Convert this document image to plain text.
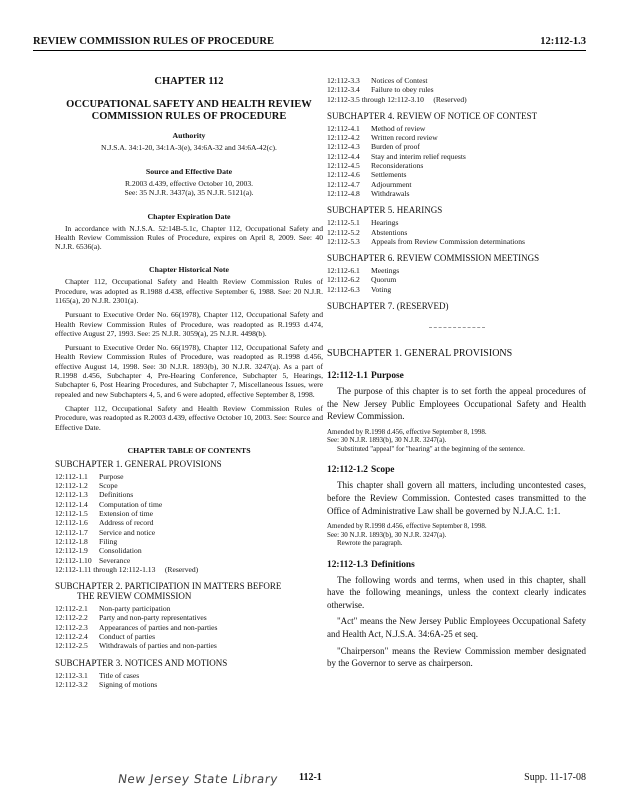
REVIEW COMMISSION RULES OF PROCEDURE	12:112-1.3
CHAPTER 112
OCCUPATIONAL SAFETY AND HEALTH REVIEW COMMISSION RULES OF PROCEDURE
Authority
N.J.S.A. 34:1-20, 34:1A-3(e), 34:6A-32 and 34:6A-42(c).
Source and Effective Date
R.2003 d.439, effective October 10, 2003.
See: 35 N.J.R. 3437(a), 35 N.J.R. 5121(a).
Chapter Expiration Date
In accordance with N.J.S.A. 52:14B-5.1c, Chapter 112, Occupational Safety and Health Review Commission Rules of Procedure, expires on April 8, 2009. See: 40 N.J.R. 6536(a).
Chapter Historical Note
Chapter 112, Occupational Safety and Health Review Commission Rules of Procedure, was adopted as R.1988 d.438, effective September 6, 1988. See: 20 N.J.R. 1165(a), 20 N.J.R. 2301(a).
Pursuant to Executive Order No. 66(1978), Chapter 112, Occupational Safety and Health Review Commission Rules of Procedure, was readopted as R.1993 d.474, effective August 27, 1993. See: 25 N.J.R. 3059(a), 25 N.J.R. 4498(b).
Pursuant to Executive Order No. 66(1978), Chapter 112, Occupational Safety and Health Review Commission Rules of Procedure, was readopted as R.1998 d.456, effective August 14, 1998. See: 30 N.J.R. 1893(b), 30 N.J.R. 3247(a). As a part of R.1998 d.456, Subchapter 4, Pre-Hearing Conference, Subchapter 5, Hearings, Subchapter 6, Post Hearing Procedures, and Subchapter 7, Miscellaneous Issues, were repealed and new Subchapters 4, 5, and 6 were adopted, effective September 8, 1998.
Chapter 112, Occupational Safety and Health Review Commission Rules of Procedure, was readopted as R.2003 d.439, effective October 10, 2003. See: Source and Effective Date.
CHAPTER TABLE OF CONTENTS
SUBCHAPTER 1. GENERAL PROVISIONS
12:112-1.1	Purpose
12:112-1.2	Scope
12:112-1.3	Definitions
12:112-1.4	Computation of time
12:112-1.5	Extension of time
12:112-1.6	Address of record
12:112-1.7	Service and notice
12:112-1.8	Filing
12:112-1.9	Consolidation
12:112-1.10 Severance
12:112-1.11 through 12:112-1.13     (Reserved)
SUBCHAPTER 2. PARTICIPATION IN MATTERS BEFORE
THE REVIEW COMMISSION
12:112-2.1	Non-party participation
12:112-2.2	Party and non-party representatives
12:112-2.3	Appearances of parties and non-parties
12:112-2.4	Conduct of parties
12:112-2.5	Withdrawals of parties and non-parties
SUBCHAPTER 3. NOTICES AND MOTIONS
12:112-3.1	Title of cases
12:112-3.2	Signing of motions
12:112-3.3	Notices of Contest
12:112-3.4	Failure to obey rules
12:112-3.5 through 12:112-3.10     (Reserved)
SUBCHAPTER 4. REVIEW OF NOTICE OF CONTEST
12:112-4.1	Method of review
12:112-4.2	Written record review
12:112-4.3	Burden of proof
12:112-4.4	Stay and interim relief requests
12:112-4.5	Reconsiderations
12:112-4.6	Settlements
12:112-4.7	Adjournment
12:112-4.8	Withdrawals
SUBCHAPTER 5. HEARINGS
12:112-5.1	Hearings
12:112-5.2	Abstentions
12:112-5.3	Appeals from Review Commission determinations
SUBCHAPTER 6. REVIEW COMMISSION MEETINGS
12:112-6.1	Meetings
12:112-6.2	Quorum
12:112-6.3	Voting
SUBCHAPTER 7. (RESERVED)
SUBCHAPTER 1. GENERAL PROVISIONS
12:112-1.1 Purpose
The purpose of this chapter is to set forth the appeal procedures of the New Jersey Public Employees Occupational Safety and Health Review Commission.
Amended by R.1998 d.456, effective September 8, 1998.
See: 30 N.J.R. 1893(b), 30 N.J.R. 3247(a).
Substituted "appeal" for "hearing" at the beginning of the sentence.
12:112-1.2 Scope
This chapter shall govern all matters, including uncontested cases, before the Review Commission. Contested cases transmitted to the Office of Administrative Law shall be governed by N.J.A.C. 1:1.
Amended by R.1998 d.456, effective September 8, 1998.
See: 30 N.J.R. 1893(b), 30 N.J.R. 3247(a).
Rewrote the paragraph.
12:112-1.3 Definitions
The following words and terms, when used in this chapter, shall have the following meanings, unless the context clearly indicates otherwise.
"Act" means the New Jersey Public Employees Occupational Safety and Health Act, N.J.S.A. 34:6A-25 et seq.
"Chairperson" means the Review Commission member designated by the Governor to serve as chairperson.
New Jersey State Library 112-1	Supp. 11-17-08
